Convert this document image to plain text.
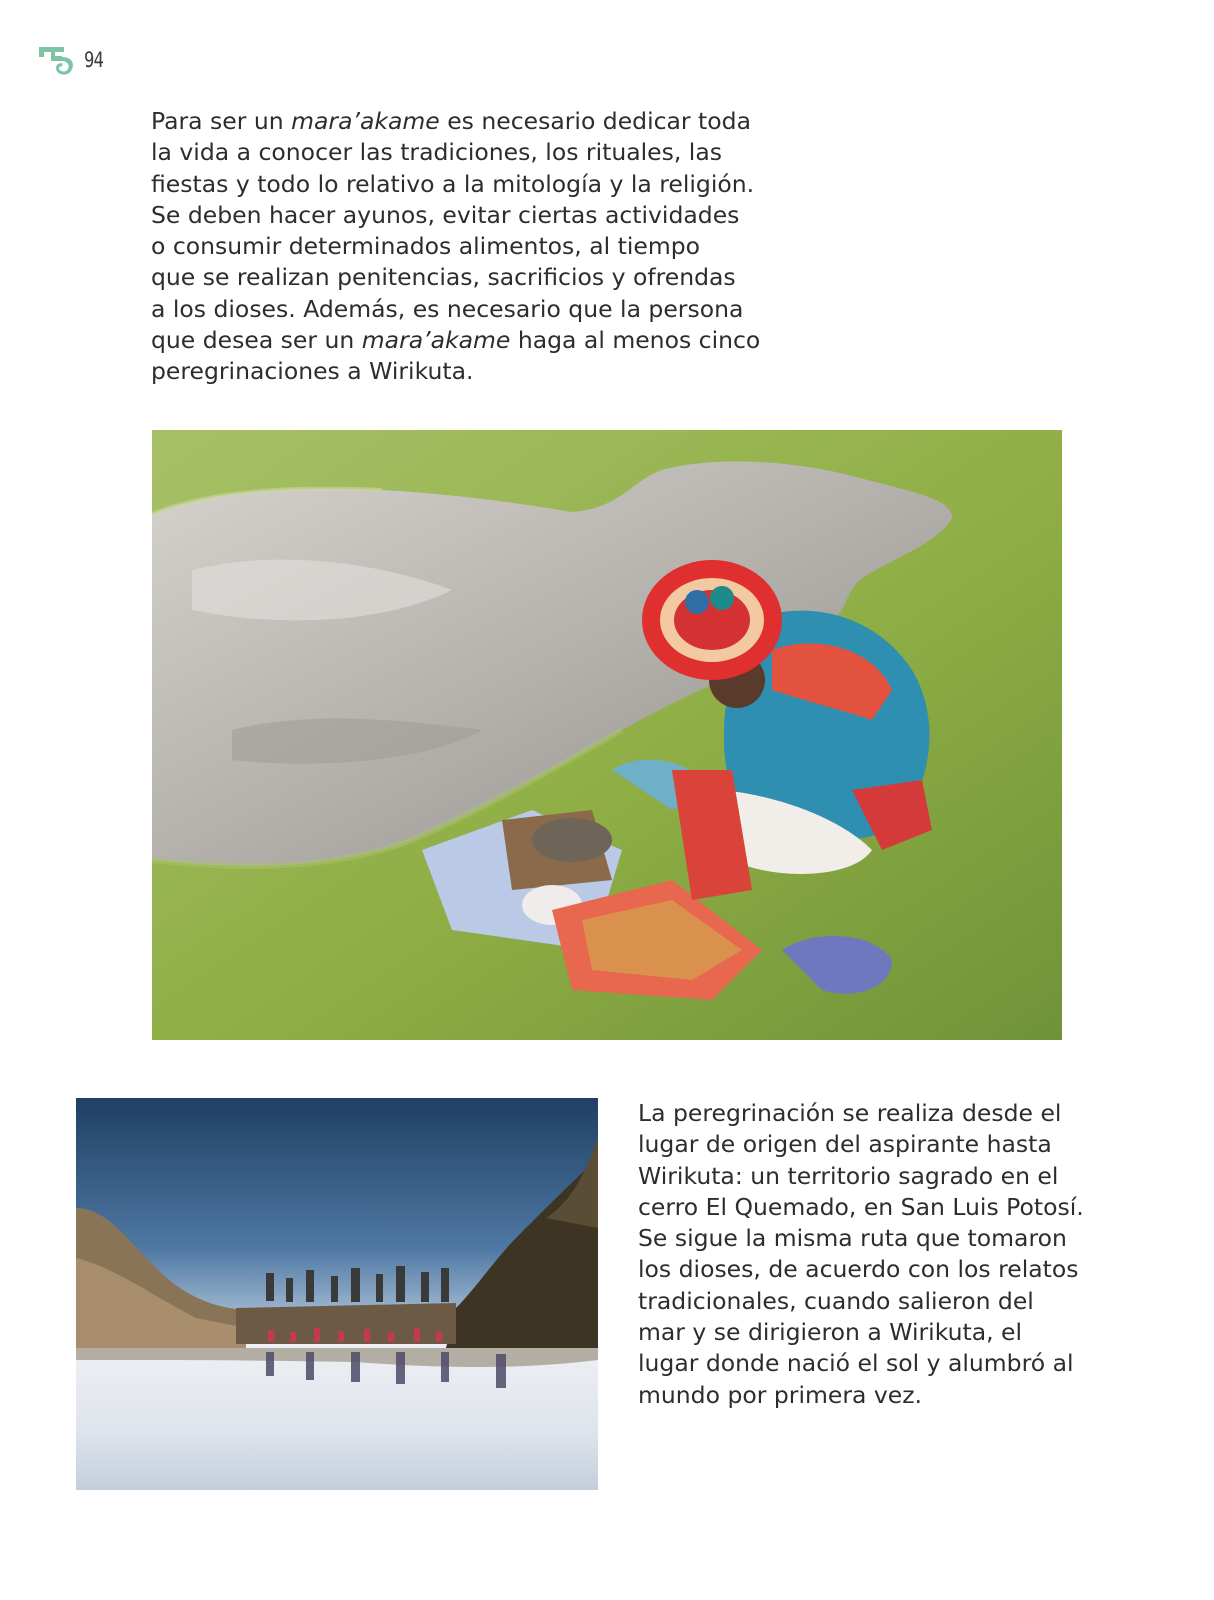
94
Para ser un mara’akame es necesario dedicar toda
la vida a conocer las tradiciones, los rituales, las
fiestas y todo lo relativo a la mitología y la religión.
Se deben hacer ayunos, evitar ciertas actividades
o consumir determinados alimentos, al tiempo
que se realizan penitencias, sacrificios y ofrendas
a los dioses. Además, es necesario que la persona
que desea ser un mara’akame haga al menos cinco
peregrinaciones a Wirikuta.
La peregrinación se realiza desde el
lugar de origen del aspirante hasta
Wirikuta: un territorio sagrado en el
cerro El Quemado, en San Luis Potosí.
Se sigue la misma ruta que tomaron
los dioses, de acuerdo con los relatos
tradicionales, cuando salieron del
mar y se dirigieron a Wirikuta, el
lugar donde nació el sol y alumbró al
mundo por primera vez.
